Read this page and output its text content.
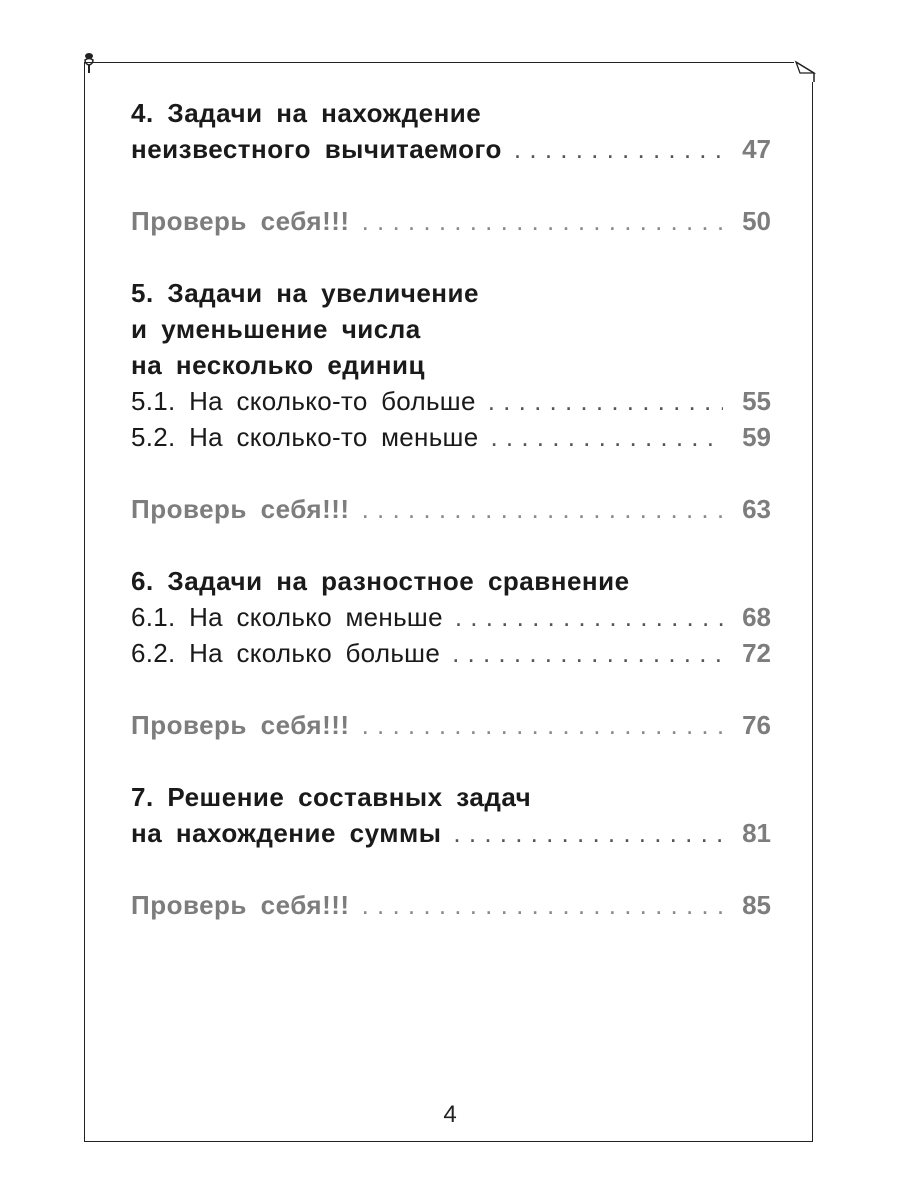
4. Задачи на нахождение
неизвестного вычитаемого . . .	47
Проверь себя!!! . . .	50
5. Задачи на увеличение
и уменьшение числа
на несколько единиц
5.1. На сколько-то больше . . .	55
5.2. На сколько-то меньше . . .	59
Проверь себя!!! . . .	63
6. Задачи на разностное сравнение
6.1. На сколько меньше . . .	68
6.2. На сколько больше . . .	72
Проверь себя!!! . . .	76
7. Решение составных задач
на нахождение суммы . . .	81
Проверь себя!!! . . .	85
4
